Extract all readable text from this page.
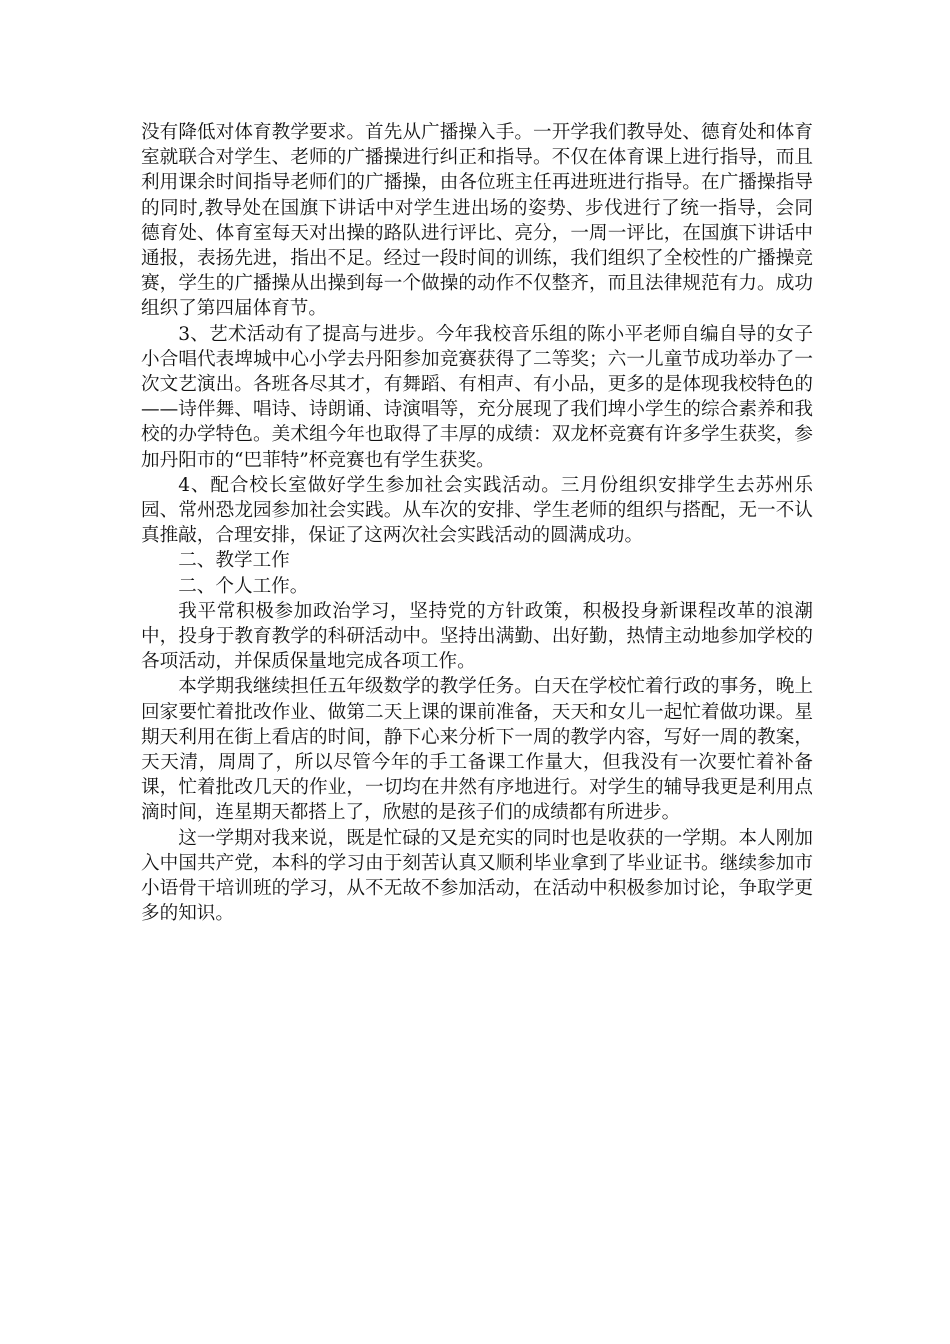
没有降低对体育教学要求。首先从广播操入手。一开学我们教导处、德育处和体育室就联合对学生、老师的广播操进行纠正和指导。不仅在体育课上进行指导，而且利用课余时间指导老师们的广播操，由各位班主任再进班进行指导。在广播操指导的同时,教导处在国旗下讲话中对学生进出场的姿势、步伐进行了统一指导，会同德育处、体育室每天对出操的路队进行评比、亮分，一周一评比，在国旗下讲话中通报，表扬先进，指出不足。经过一段时间的训练，我们组织了全校性的广播操竞赛，学生的广播操从出操到每一个做操的动作不仅整齐，而且法律规范有力。成功组织了第四届体育节。

3、艺术活动有了提高与进步。今年我校音乐组的陈小平老师自编自导的女子小合唱代表埤城中心小学去丹阳参加竞赛获得了二等奖；六一儿童节成功举办了一次文艺演出。各班各尽其才，有舞蹈、有相声、有小品，更多的是体现我校特色的——诗伴舞、唱诗、诗朗诵、诗演唱等，充分展现了我们埤小学生的综合素养和我校的办学特色。美术组今年也取得了丰厚的成绩：双龙杯竞赛有许多学生获奖，参加丹阳市的“巴菲特”杯竞赛也有学生获奖。

4、配合校长室做好学生参加社会实践活动。三月份组织安排学生去苏州乐园、常州恐龙园参加社会实践。从车次的安排、学生老师的组织与搭配，无一不认真推敲，合理安排，保证了这两次社会实践活动的圆满成功。

二、教学工作

二、个人工作。

我平常积极参加政治学习，坚持党的方针政策，积极投身新课程改革的浪潮中，投身于教育教学的科研活动中。坚持出满勤、出好勤，热情主动地参加学校的各项活动，并保质保量地完成各项工作。

本学期我继续担任五年级数学的教学任务。白天在学校忙着行政的事务，晚上回家要忙着批改作业、做第二天上课的课前准备，天天和女儿一起忙着做功课。星期天利用在街上看店的时间，静下心来分析下一周的教学内容，写好一周的教案，天天清，周周了，所以尽管今年的手工备课工作量大，但我没有一次要忙着补备课，忙着批改几天的作业，一切均在井然有序地进行。对学生的辅导我更是利用点滴时间，连星期天都搭上了，欣慰的是孩子们的成绩都有所进步。

这一学期对我来说，既是忙碌的又是充实的同时也是收获的一学期。本人刚加入中国共产党，本科的学习由于刻苦认真又顺利毕业拿到了毕业证书。继续参加市小语骨干培训班的学习，从不无故不参加活动，在活动中积极参加讨论，争取学更多的知识。
